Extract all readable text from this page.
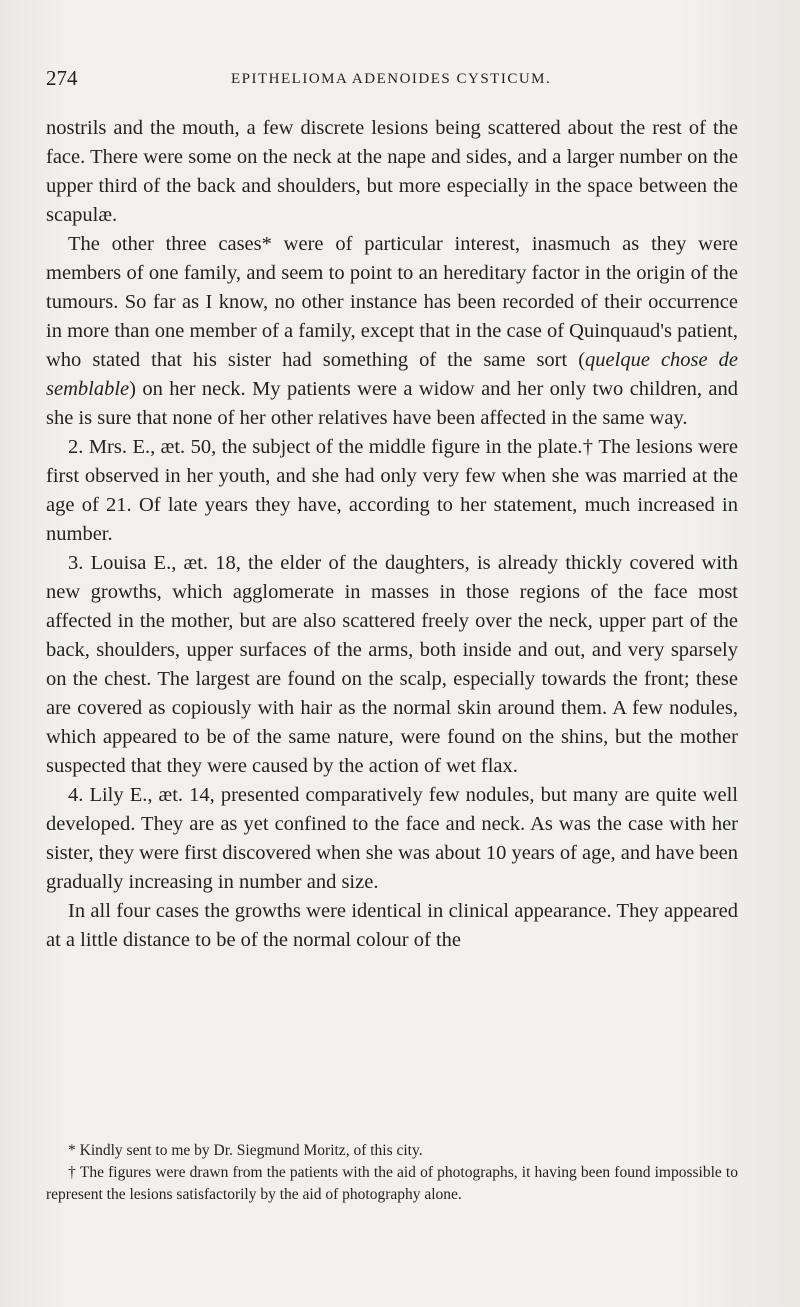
274	EPITHELIOMA ADENOIDES CYSTICUM.

nostrils and the mouth, a few discrete lesions being scattered about the rest of the face. There were some on the neck at the nape and sides, and a larger number on the upper third of the back and shoulders, but more especially in the space between the scapulæ.

The other three cases* were of particular interest, inasmuch as they were members of one family, and seem to point to an hereditary factor in the origin of the tumours. So far as I know, no other instance has been recorded of their occurrence in more than one member of a family, except that in the case of Quinquaud's patient, who stated that his sister had something of the same sort (quelque chose de semblable) on her neck. My patients were a widow and her only two children, and she is sure that none of her other relatives have been affected in the same way.

2. Mrs. E., æt. 50, the subject of the middle figure in the plate.† The lesions were first observed in her youth, and she had only very few when she was married at the age of 21. Of late years they have, according to her statement, much increased in number.

3. Louisa E., æt. 18, the elder of the daughters, is already thickly covered with new growths, which agglomerate in masses in those regions of the face most affected in the mother, but are also scattered freely over the neck, upper part of the back, shoulders, upper surfaces of the arms, both inside and out, and very sparsely on the chest. The largest are found on the scalp, especially towards the front; these are covered as copiously with hair as the normal skin around them. A few nodules, which appeared to be of the same nature, were found on the shins, but the mother suspected that they were caused by the action of wet flax.

4. Lily E., æt. 14, presented comparatively few nodules, but many are quite well developed. They are as yet confined to the face and neck. As was the case with her sister, they were first discovered when she was about 10 years of age, and have been gradually increasing in number and size.

In all four cases the growths were identical in clinical appearance. They appeared at a little distance to be of the normal colour of the

* Kindly sent to me by Dr. Siegmund Moritz, of this city.

† The figures were drawn from the patients with the aid of photographs, it having been found impossible to represent the lesions satisfactorily by the aid of photography alone.
